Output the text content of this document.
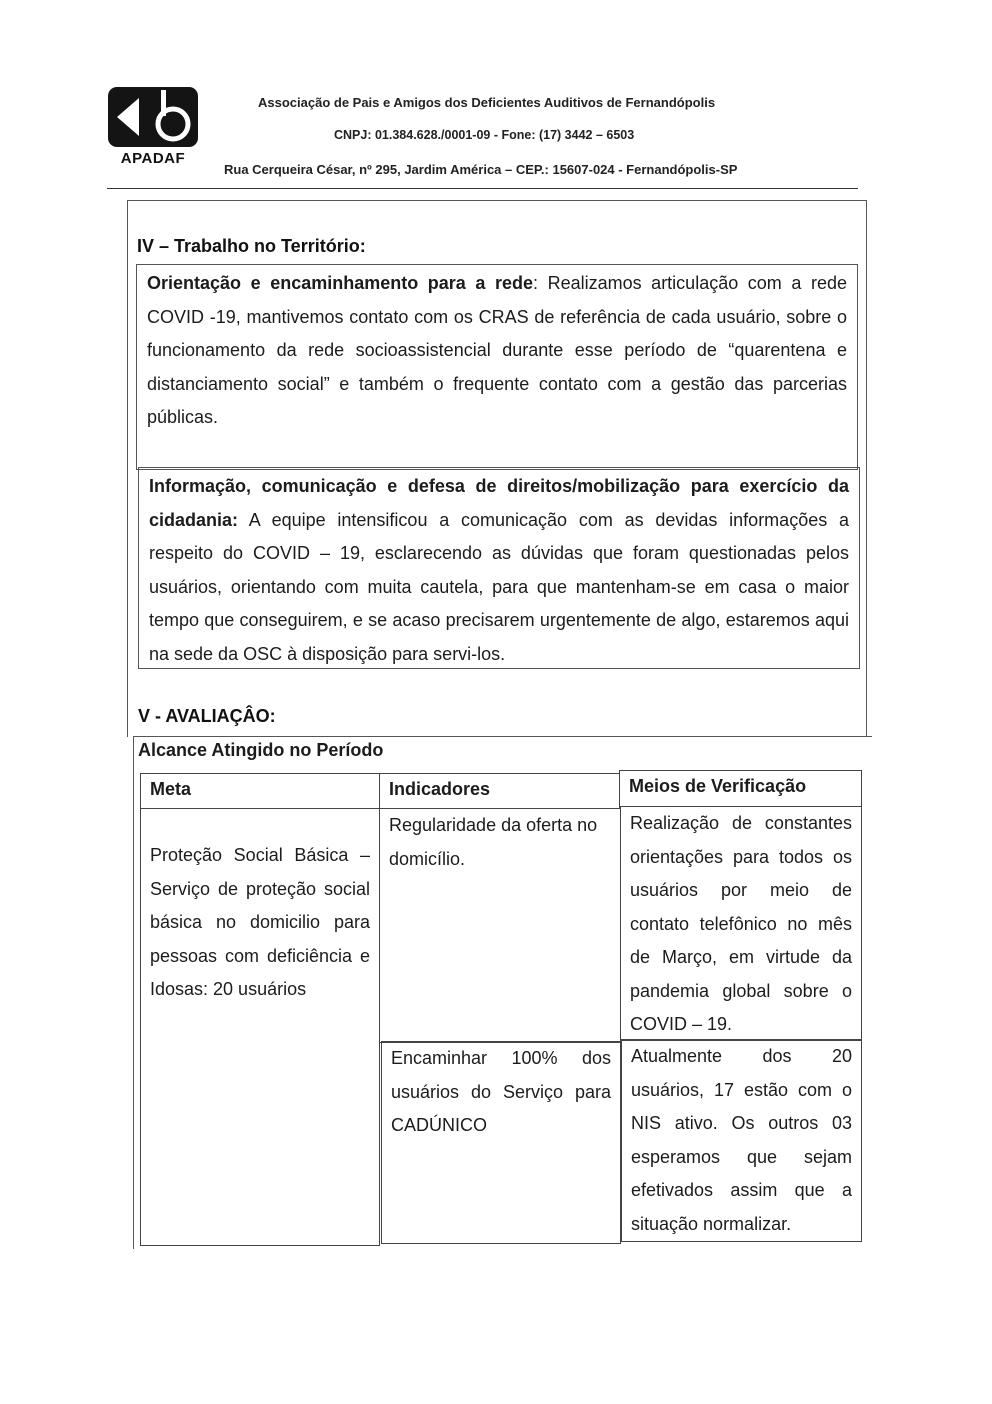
APADAF
Associação de Pais e Amigos dos Deficientes Auditivos de Fernandópolis
CNPJ: 01.384.628./0001-09 - Fone: (17) 3442 – 6503
Rua Cerqueira César, nº 295, Jardim América – CEP.: 15607-024 - Fernandópolis-SP
IV – Trabalho no Território:
Orientação e encaminhamento para a rede: Realizamos articulação com a rede COVID -19, mantivemos contato com os CRAS de referência de cada usuário, sobre o funcionamento da rede socioassistencial durante esse período de “quarentena e distanciamento social” e também o frequente contato com a gestão das parcerias públicas.
Informação, comunicação e defesa de direitos/mobilização para exercício da cidadania: A equipe intensificou a comunicação com as devidas informações a respeito do COVID – 19, esclarecendo as dúvidas que foram questionadas pelos usuários, orientando com muita cautela, para que mantenham-se em casa o maior tempo que conseguirem, e se acaso precisarem urgentemente de algo, estaremos aqui na sede da OSC à disposição para servi-los.
V - AVALIAÇÂO:
Alcance Atingido no Período
Meta	Indicadores	Meios de Verificação
Proteção Social Básica – Serviço de proteção social básica no domicilio para pessoas com deficiência e Idosas: 20 usuários
Regularidade da oferta no domicílio.
Realização de constantes orientações para todos os usuários por meio de contato telefônico no mês de Março, em virtude da pandemia global sobre o COVID – 19.
Encaminhar 100% dos usuários do Serviço para CADÚNICO
Atualmente dos 20 usuários, 17 estão com o NIS ativo. Os outros 03 esperamos que sejam efetivados assim que a situação normalizar.
